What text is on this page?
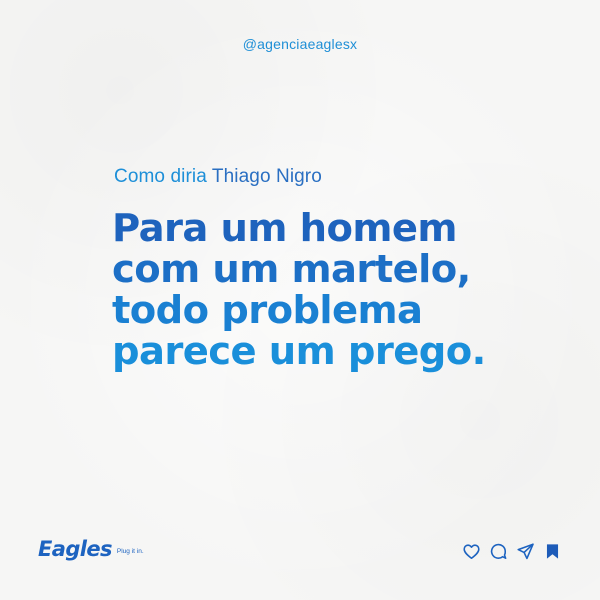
@agenciaeaglesx
Como diria Thiago Nigro
Para um homem
com um martelo,
todo problema
parece um prego.
Eagles Plug it in.
